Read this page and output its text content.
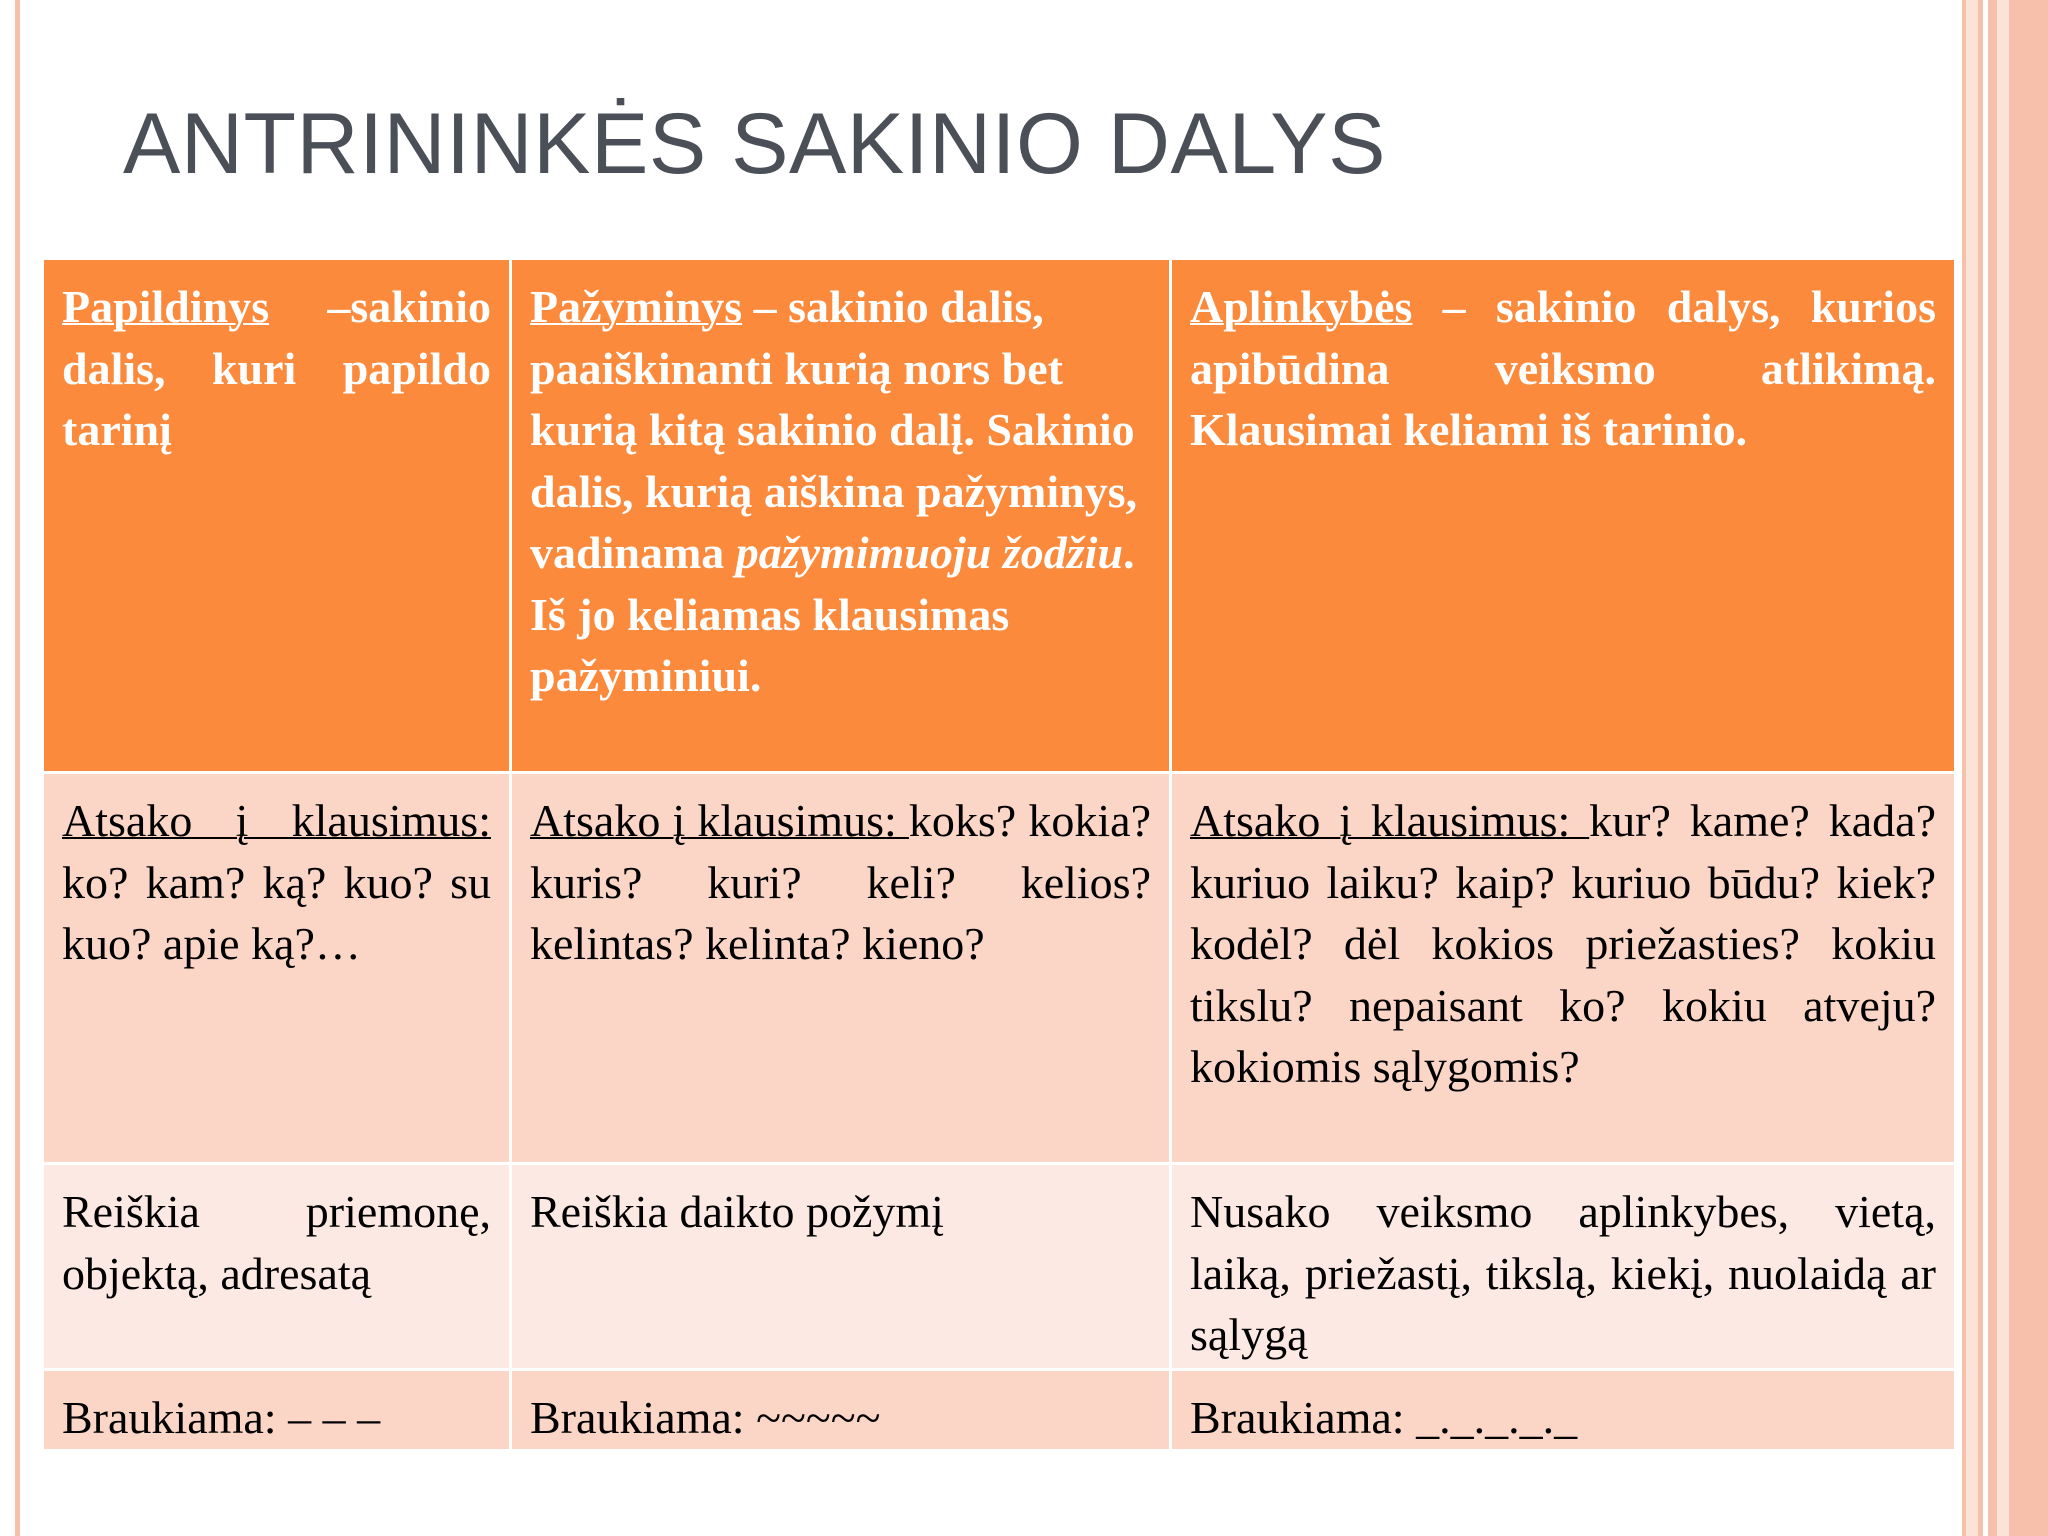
ANTRININKĖS SAKINIO DALYS
Papildinys –sakinio dalis, kuri papildo tarinį	Pažyminys – sakinio dalis, paaiškinanti kurią nors bet kurią kitą sakinio dalį. Sakinio dalis, kurią aiškina pažyminys, vadinama pažymimuoju žodžiu. Iš jo keliamas klausimas pažyminiui.	Aplinkybės – sakinio dalys, kurios apibūdina veiksmo atlikimą. Klausimai keliami iš tarinio.
Atsako į klausimus: ko? kam? ką? kuo? su kuo? apie ką?…	Atsako į klausimus: koks? kokia? kuris? kuri? keli? kelios? kelintas? kelinta? kieno?	Atsako į klausimus: kur? kame? kada? kuriuo laiku? kaip? kuriuo būdu? kiek? kodėl? dėl kokios priežasties? kokiu tikslu? nepaisant ko? kokiu atveju? kokiomis sąlygomis?
Reiškia priemonę, objektą, adresatą	Reiškia daikto požymį	Nusako veiksmo aplinkybes, vietą, laiką, priežastį, tikslą, kiekį, nuolaidą ar sąlygą
Braukiama: – – –	Braukiama: ~~~~~	Braukiama: _._._._._
